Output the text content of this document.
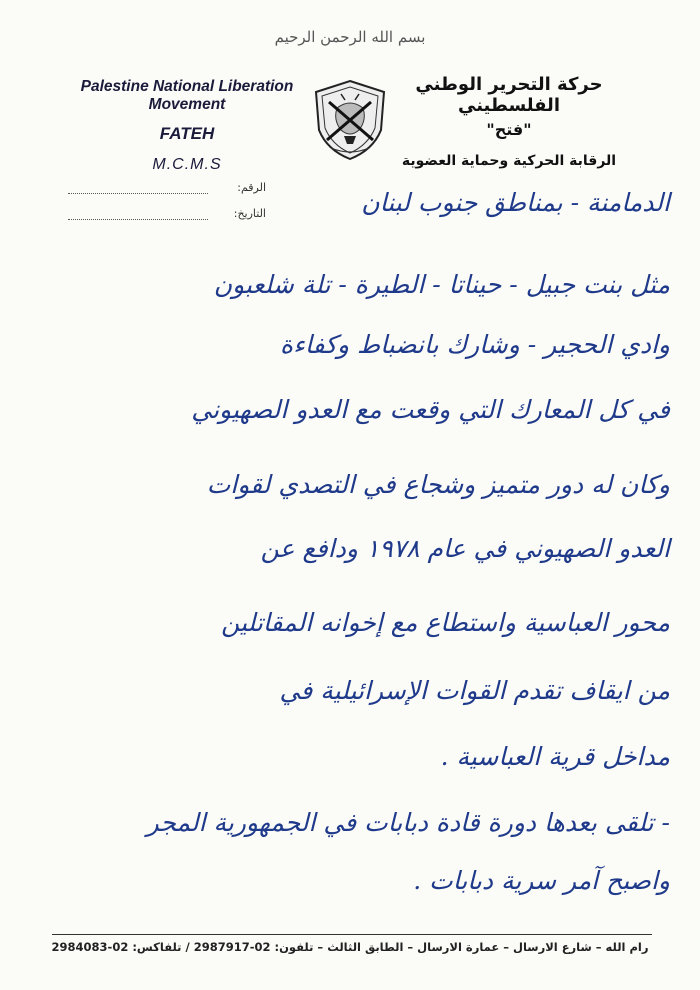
بسم الله الرحمن الرحيم
Palestine National Liberation Movement
FATEH
M.C.M.S
حركة التحرير الوطني الفلسطيني
"فتح"
الرقابة الحركية وحماية العضوية
الرقم:
التاريخ:	الدمامنة - بمناطق جنوب لبنان
مثل بنت جبيل - حيناتا - الطيرة - تلة شلعبون
وادي الحجير - وشارك بانضباط وكفاءة
في كل المعارك التي وقعت مع العدو الصهيوني
وكان له دور متميز وشجاع في التصدي لقوات
العدو الصهيوني في عام ١٩٧٨ ودافع عن
محور العباسية واستطاع مع إخوانه المقاتلين
من ايقاف تقدم القوات الإسرائيلية في
مداخل قرية العباسية .
- تلقى بعدها دورة قادة دبابات في الجمهورية المجر
واصبح آمر سرية دبابات .
رام الله – شارع الارسال – عمارة الارسال – الطابق الثالث – تلفون: 02-2987917 / تلفاكس: 02-2984083
